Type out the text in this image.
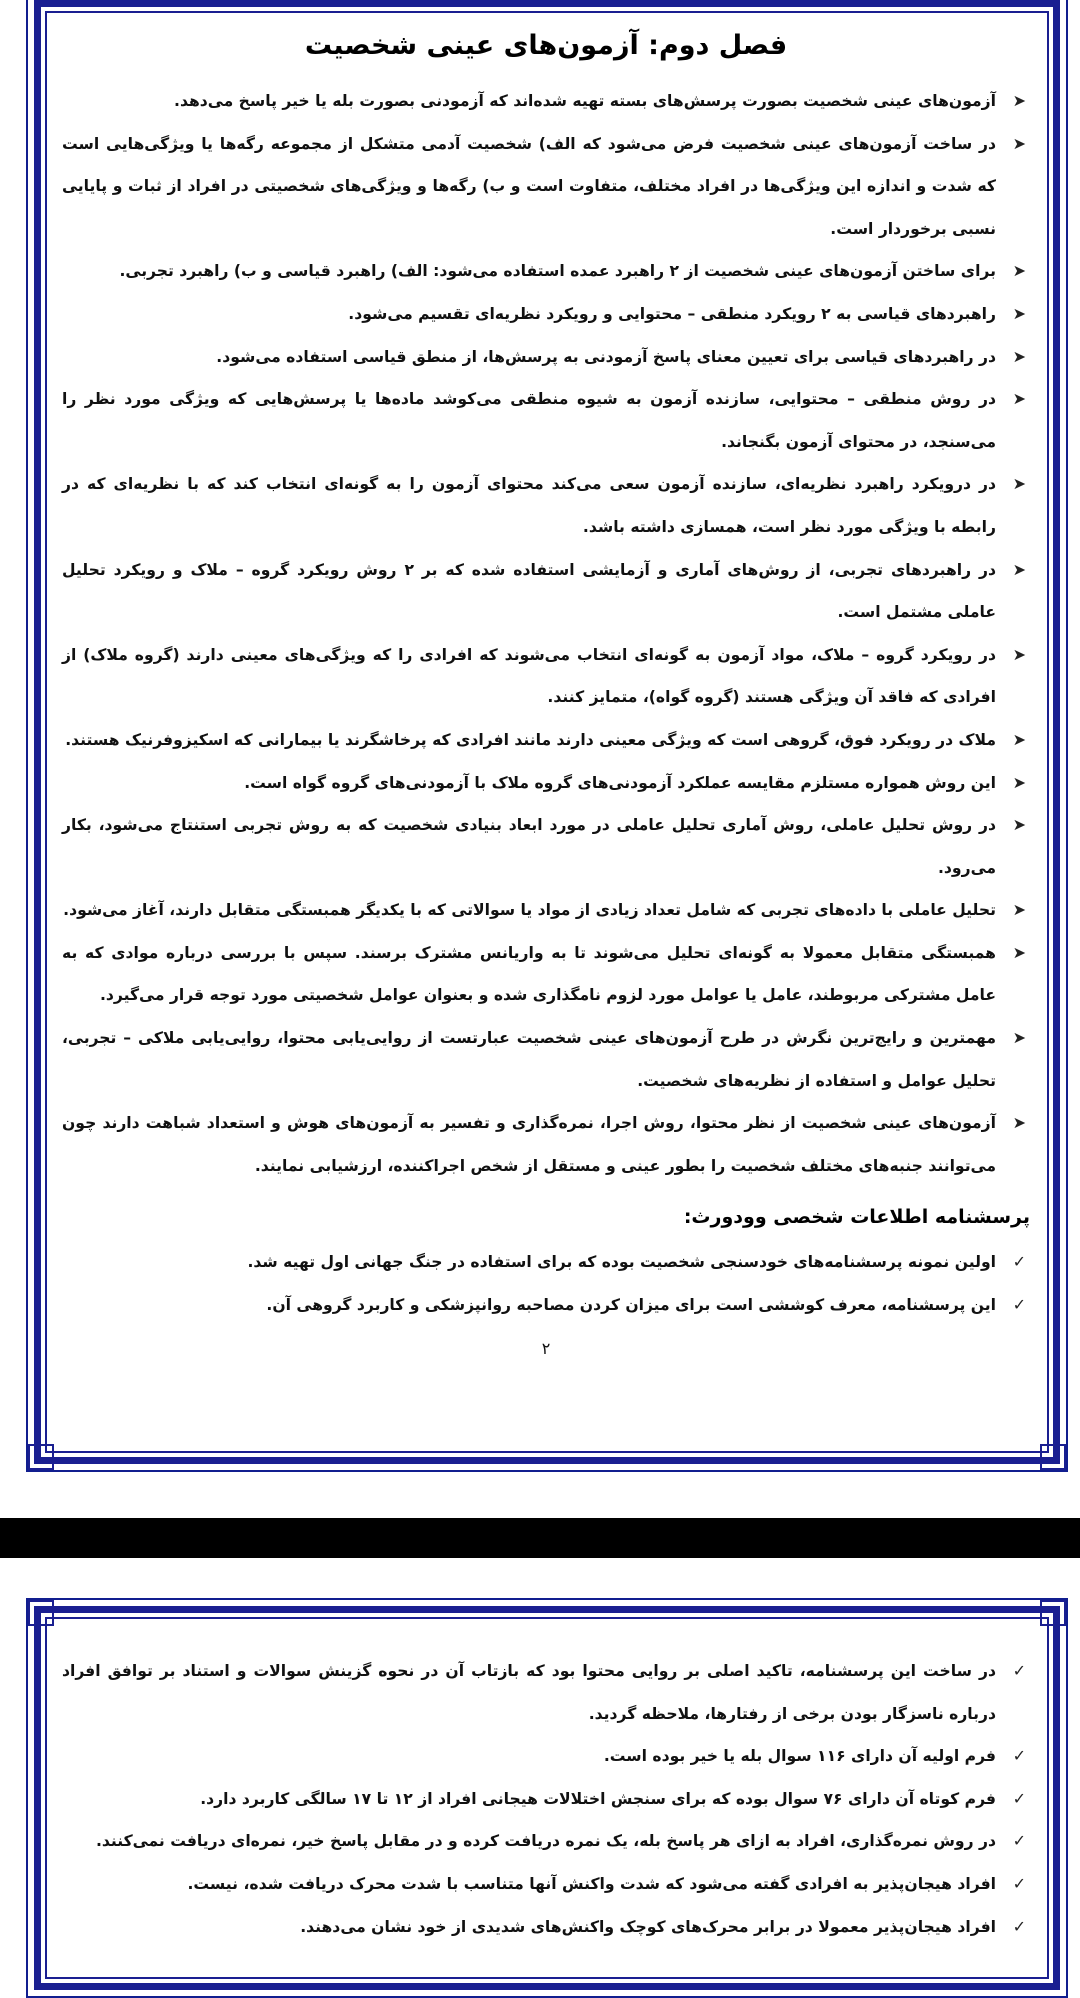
فصل دوم: آزمون‌های عینی شخصیت
➤
آزمون‌های عینی شخصیت بصورت پرسش‌های بسته تهیه شده‌اند که آزمودنی بصورت بله یا خیر پاسخ می‌دهد.
➤
در ساخت آزمون‌های عینی شخصیت فرض می‌شود که الف) شخصیت آدمی متشکل از مجموعه رگه‌ها یا ویژگی‌هایی است که شدت و اندازه این ویژگی‌ها در افراد مختلف، متفاوت است و ب) رگه‌ها و ویژگی‌های شخصیتی در افراد از ثبات و پایایی نسبی برخوردار است.
➤
برای ساختن آزمون‌های عینی شخصیت از ۲ راهبرد عمده استفاده می‌شود: الف) راهبرد قیاسی و ب) راهبرد تجربی.
➤
راهبردهای قیاسی به ۲ رویکرد منطقی – محتوایی و رویکرد نظریه‌ای تقسیم می‌شود.
➤
در راهبردهای قیاسی برای تعیین معنای پاسخ آزمودنی به پرسش‌ها، از منطق قیاسی استفاده می‌شود.
➤
در روش منطقی – محتوایی، سازنده آزمون به شیوه منطقی می‌کوشد ماده‌ها یا پرسش‌هایی که ویژگی مورد نظر را می‌سنجد، در محتوای آزمون بگنجاند.
➤
در درویکرد راهبرد نظریه‌ای، سازنده آزمون سعی می‌کند محتوای آزمون را به گونه‌ای انتخاب کند که با نظریه‌ای که در رابطه با ویژگی مورد نظر است، همسازی داشته باشد.
➤
در راهبردهای تجربی، از روش‌های آماری و آزمایشی استفاده شده که بر ۲ روش رویکرد گروه – ملاک و رویکرد تحلیل عاملی مشتمل است.
➤
در رویکرد گروه – ملاک، مواد آزمون به گونه‌ای انتخاب می‌شوند که افرادی را که ویژگی‌های معینی دارند (گروه ملاک) از افرادی که فاقد آن ویژگی هستند (گروه گواه)، متمایز کنند.
➤
ملاک در رویکرد فوق، گروهی است که ویژگی معینی دارند مانند افرادی که پرخاشگرند یا بیمارانی که اسکیزوفرنیک هستند.
➤
این روش همواره مستلزم مقایسه عملکرد آزمودنی‌های گروه ملاک با آزمودنی‌های گروه گواه است.
➤
در روش تحلیل عاملی، روش آماری تحلیل عاملی در مورد ابعاد بنیادی شخصیت که به روش تجربی استنتاج می‌شود، بکار می‌رود.
➤
تحلیل عاملی با داده‌های تجربی که شامل تعداد زیادی از مواد یا سوالاتی که با یکدیگر همبستگی متقابل دارند، آغاز می‌شود.
➤
همبستگی متقابل معمولا به گونه‌ای تحلیل می‌شوند تا به واریانس مشترک برسند. سپس با بررسی درباره موادی که به عامل مشترکی مربوطند، عامل یا عوامل مورد لزوم نامگذاری شده و بعنوان عوامل شخصیتی مورد توجه قرار می‌گیرد.
➤
مهمترین و رایج‌ترین نگرش در طرح آزمون‌های عینی شخصیت عبارتست از روایی‌یابی محتوا، روایی‌یابی ملاکی – تجربی، تحلیل عوامل و استفاده از نظریه‌های شخصیت.
➤
آزمون‌های عینی شخصیت از نظر محتوا، روش اجرا، نمره‌گذاری و تفسیر به آزمون‌های هوش و استعداد شباهت دارند چون می‌توانند جنبه‌های مختلف شخصیت را بطور عینی و مستقل از شخص اجراکننده، ارزشیابی نمایند.
پرسشنامه اطلاعات شخصی وودورث:
✓
اولین نمونه پرسشنامه‌های خودسنجی شخصیت بوده که برای استفاده در جنگ جهانی اول تهیه شد.
✓
این پرسشنامه، معرف کوششی است برای میزان کردن مصاحبه روانپزشکی و کاربرد گروهی آن.
۲
✓
در ساخت این پرسشنامه، تاکید اصلی بر روایی محتوا بود که بازتاب آن در نحوه گزینش سوالات و استناد بر توافق افراد درباره ناسزگار بودن برخی از رفتارها، ملاحظه گردید.
✓
فرم اولیه آن دارای ۱۱۶ سوال بله یا خیر بوده است.
✓
فرم کوتاه آن دارای ۷۶ سوال بوده که برای سنجش اختلالات هیجانی افراد از ۱۲ تا ۱۷ سالگی کاربرد دارد.
✓
در روش نمره‌گذاری، افراد به ازای هر پاسخ بله، یک نمره دریافت کرده و در مقابل پاسخ خیر، نمره‌ای دریافت نمی‌کنند.
✓
افراد هیجان‌پذیر به افرادی گفته می‌شود که شدت واکنش آنها متناسب با شدت محرک دریافت شده، نیست.
✓
افراد هیجان‌پذیر معمولا در برابر محرک‌های کوچک واکنش‌های شدیدی از خود نشان می‌دهند.
